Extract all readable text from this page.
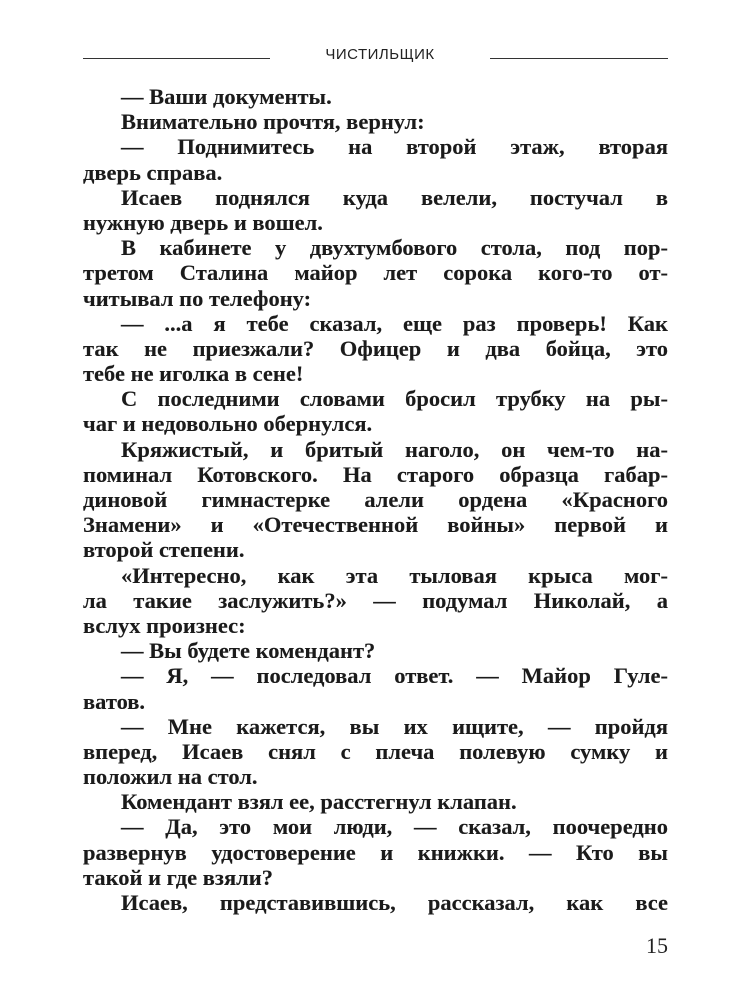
ЧИСТИЛЬЩИК
— Ваши документы.
Внимательно прочтя, вернул:
— Поднимитесь на второй этаж, вторая
дверь справа.
Исаев поднялся куда велели, постучал в
нужную дверь и вошел.
В кабинете у двухтумбового стола, под пор-
третом Сталина майор лет сорока кого-то от-
читывал по телефону:
— ...а я тебе сказал, еще раз проверь! Как
так не приезжали? Офицер и два бойца, это
тебе не иголка в сене!
С последними словами бросил трубку на ры-
чаг и недовольно обернулся.
Кряжистый, и бритый наголо, он чем-то на-
поминал Котовского. На старого образца габар-
диновой гимнастерке алели ордена «Красного
Знамени» и «Отечественной войны» первой и
второй степени.
«Интересно, как эта тыловая крыса мог-
ла такие заслужить?» — подумал Николай, а
вслух произнес:
— Вы будете комендант?
— Я, — последовал ответ. — Майор Гуле-
ватов.
— Мне кажется, вы их ищите, — пройдя
вперед, Исаев снял с плеча полевую сумку и
положил на стол.
Комендант взял ее, расстегнул клапан.
— Да, это мои люди, — сказал, поочередно
развернув удостоверение и книжки. — Кто вы
такой и где взяли?
Исаев, представившись, рассказал, как все
15
